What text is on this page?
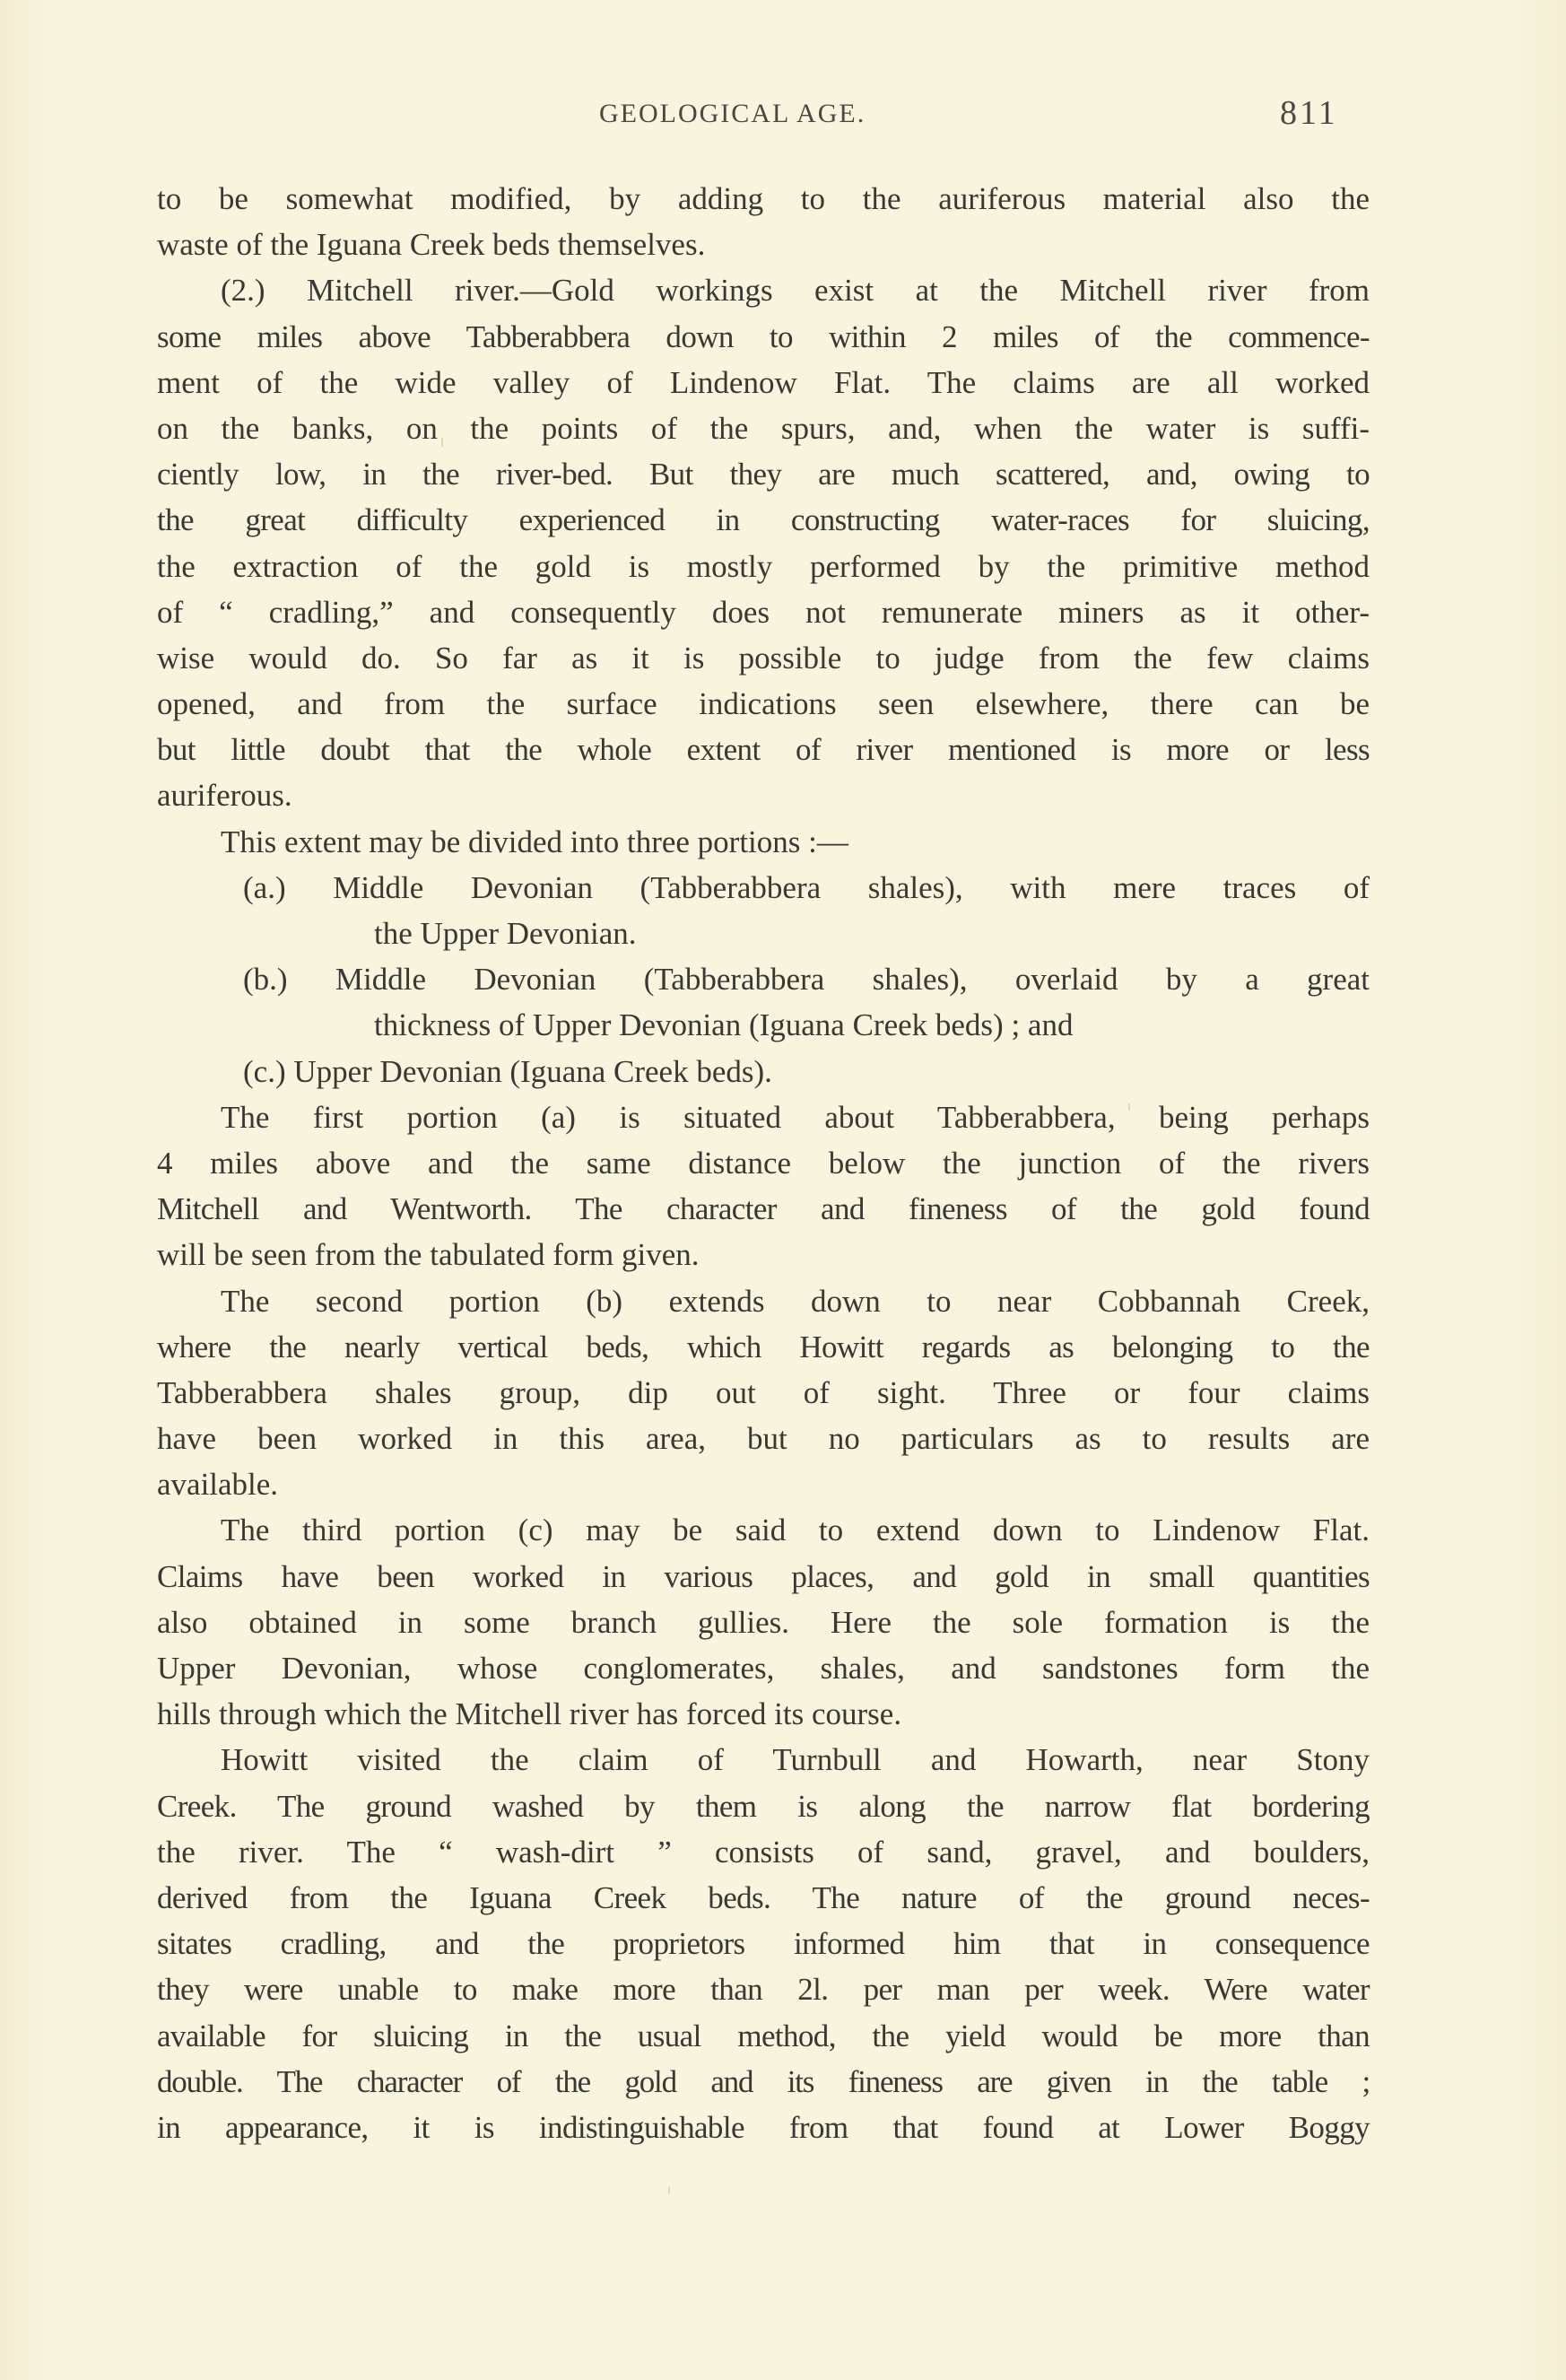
GEOLOGICAL AGE.	811
to be somewhat modified, by adding to the auriferous material also the
waste of the Iguana Creek beds themselves.
(2.) Mitchell river.—Gold workings exist at the Mitchell river from
some miles above Tabberabbera down to within 2 miles of the commence-
ment of the wide valley of Lindenow Flat. The claims are all worked
on the banks, on the points of the spurs, and, when the water is suffi-
ciently low, in the river-bed. But they are much scattered, and, owing to
the great difficulty experienced in constructing water-races for sluicing,
the extraction of the gold is mostly performed by the primitive method
of “ cradling,” and consequently does not remunerate miners as it other-
wise would do. So far as it is possible to judge from the few claims
opened, and from the surface indications seen elsewhere, there can be
but little doubt that the whole extent of river mentioned is more or less
auriferous.
This extent may be divided into three portions :—
(a.) Middle Devonian (Tabberabbera shales), with mere traces of
the Upper Devonian.
(b.) Middle Devonian (Tabberabbera shales), overlaid by a great
thickness of Upper Devonian (Iguana Creek beds) ; and
(c.) Upper Devonian (Iguana Creek beds).
The first portion (a) is situated about Tabberabbera, being perhaps
4 miles above and the same distance below the junction of the rivers
Mitchell and Wentworth. The character and fineness of the gold found
will be seen from the tabulated form given.
The second portion (b) extends down to near Cobbannah Creek,
where the nearly vertical beds, which Howitt regards as belonging to the
Tabberabbera shales group, dip out of sight. Three or four claims
have been worked in this area, but no particulars as to results are
available.
The third portion (c) may be said to extend down to Lindenow Flat.
Claims have been worked in various places, and gold in small quantities
also obtained in some branch gullies. Here the sole formation is the
Upper Devonian, whose conglomerates, shales, and sandstones form the
hills through which the Mitchell river has forced its course.
Howitt visited the claim of Turnbull and Howarth, near Stony
Creek. The ground washed by them is along the narrow flat bordering
the river. The “ wash-dirt ” consists of sand, gravel, and boulders,
derived from the Iguana Creek beds. The nature of the ground neces-
sitates cradling, and the proprietors informed him that in consequence
they were unable to make more than 2l. per man per week. Were water
available for sluicing in the usual method, the yield would be more than
double. The character of the gold and its fineness are given in the table ;
in appearance, it is indistinguishable from that found at Lower Boggy
